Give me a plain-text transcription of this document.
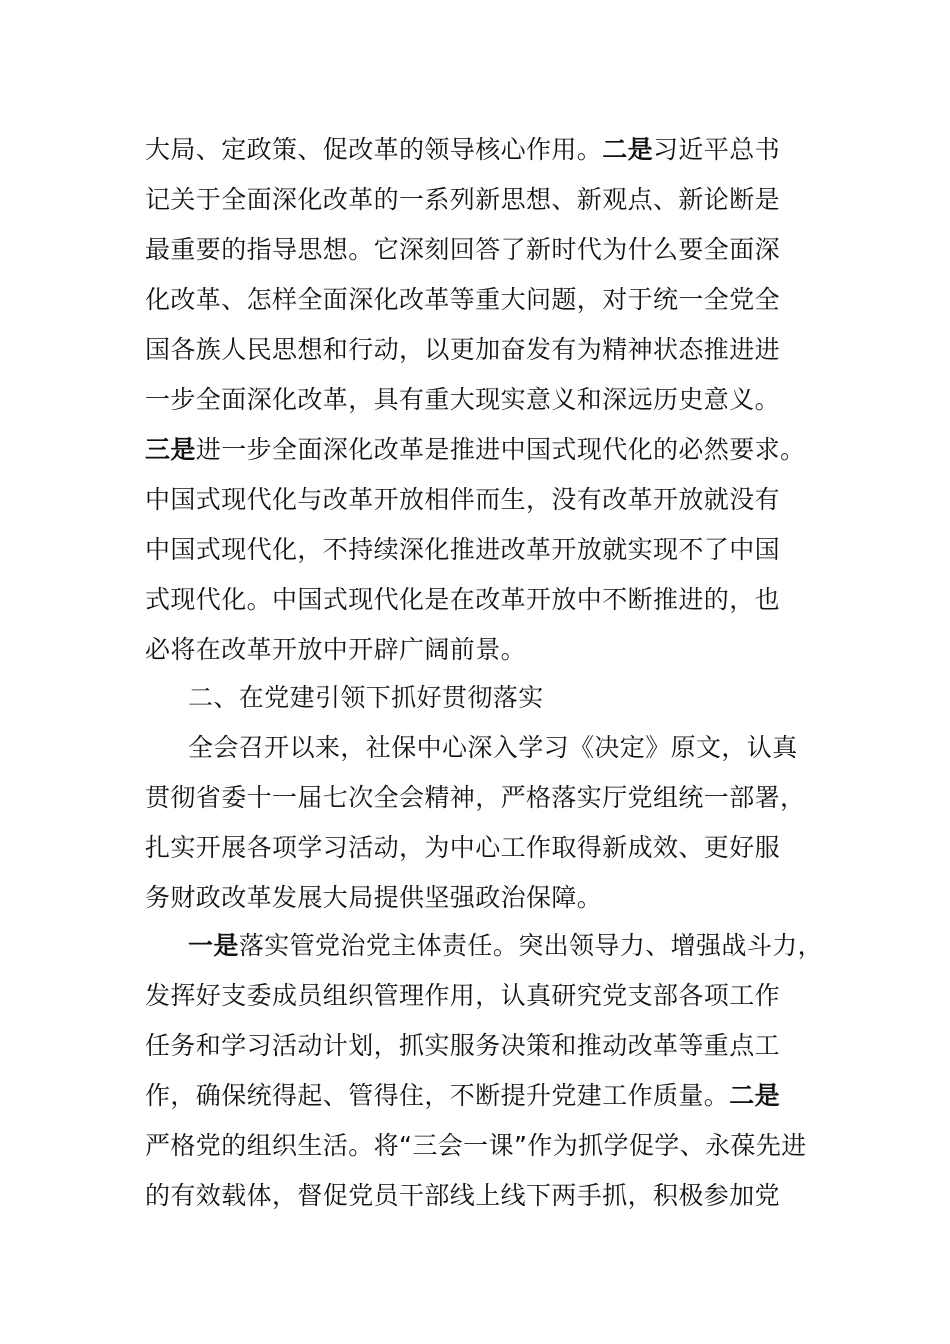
大局、定政策、促改革的领导核心作用。二是习近平总书
记关于全面深化改革的一系列新思想、新观点、新论断是
最重要的指导思想。它深刻回答了新时代为什么要全面深
化改革、怎样全面深化改革等重大问题，对于统一全党全
国各族人民思想和行动，以更加奋发有为精神状态推进进
一步全面深化改革，具有重大现实意义和深远历史意义。
三是进一步全面深化改革是推进中国式现代化的必然要求。
中国式现代化与改革开放相伴而生，没有改革开放就没有
中国式现代化，不持续深化推进改革开放就实现不了中国
式现代化。中国式现代化是在改革开放中不断推进的，也
必将在改革开放中开辟广阔前景。
二、在党建引领下抓好贯彻落实
全会召开以来，社保中心深入学习《决定》原文，认真
贯彻省委十一届七次全会精神，严格落实厅党组统一部署，
扎实开展各项学习活动，为中心工作取得新成效、更好服
务财政改革发展大局提供坚强政治保障。
一是落实管党治党主体责任。突出领导力、增强战斗力，
发挥好支委成员组织管理作用，认真研究党支部各项工作
任务和学习活动计划，抓实服务决策和推动改革等重点工
作，确保统得起、管得住，不断提升党建工作质量。二是
严格党的组织生活。将“三会一课”作为抓学促学、永葆先进
的有效载体，督促党员干部线上线下两手抓，积极参加党
